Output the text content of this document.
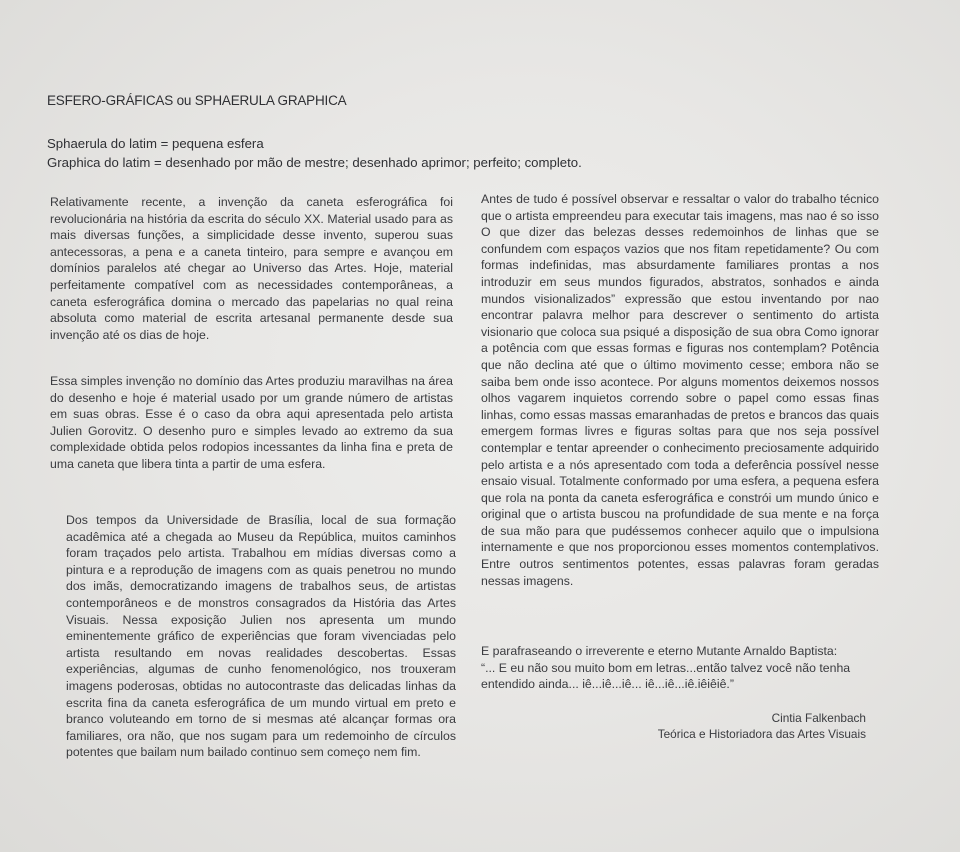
ESFERO-GRÁFICAS ou SPHAERULA GRAPHICA
Sphaerula do latim = pequena esfera
Graphica do latim = desenhado por mão de mestre; desenhado aprimor; perfeito; completo.

Relativamente recente, a invenção da caneta esferográfica foi revolucionária na história da escrita do século XX. Material usado para as mais diversas funções, a simplicidade desse invento, superou suas antecessoras, a pena e a caneta tinteiro, para sempre e avançou em domínios paralelos até chegar ao Universo das Artes. Hoje, material perfeitamente compatível com as necessidades contemporâneas, a caneta esferográfica domina o mercado das papelarias no qual reina absoluta como material de escrita artesanal permanente desde sua invenção até os dias de hoje.

Essa simples invenção no domínio das Artes produziu maravilhas na área do desenho e hoje é material usado por um grande número de artistas em suas obras. Esse é o caso da obra aqui apresentada pelo artista Julien Gorovitz. O desenho puro e simples levado ao extremo da sua complexidade obtida pelos rodopios incessantes da linha fina e preta de uma caneta que libera tinta a partir de uma esfera.

Dos tempos da Universidade de Brasília, local de sua formação acadêmica até a chegada ao Museu da República, muitos caminhos foram traçados pelo artista. Trabalhou em mídias diversas como a pintura e a reprodução de imagens com as quais penetrou no mundo dos imãs, democratizando imagens de trabalhos seus, de artistas contemporâneos e de monstros consagrados da História das Artes Visuais. Nessa exposição Julien nos apresenta um mundo eminentemente gráfico de experiências que foram vivenciadas pelo artista resultando em novas realidades descobertas. Essas experiências, algumas de cunho fenomenológico, nos trouxeram imagens poderosas, obtidas no autocontraste das delicadas linhas da escrita fina da caneta esferográfica de um mundo virtual em preto e branco voluteando em torno de si mesmas até alcançar formas ora familiares, ora não, que nos sugam para um redemoinho de círculos potentes que bailam num bailado continuo sem começo nem fim.

Antes de tudo é possível observar e ressaltar o valor do trabalho técnico que o artista empreendeu para executar tais imagens, mas nao é so isso O que dizer das belezas desses redemoinhos de linhas que se confundem com espaços vazios que nos fitam repetidamente? Ou com formas indefinidas, mas absurdamente familiares prontas a nos introduzir em seus mundos figurados, abstratos, sonhados e ainda mundos visionalizados” expressão que estou inventando por nao encontrar palavra melhor para descrever o sentimento do artista visionario que coloca sua psiqué a disposição de sua obra Como ignorar a potência com que essas formas e figuras nos contemplam? Potência que não declina até que o último movimento cesse; embora não se saiba bem onde isso acontece. Por alguns momentos deixemos nossos olhos vagarem inquietos correndo sobre o papel como essas finas linhas, como essas massas emaranhadas de pretos e brancos das quais emergem formas livres e figuras soltas para que nos seja possível contemplar e tentar apreender o conhecimento preciosamente adquirido pelo artista e a nós apresentado com toda a deferência possível nesse ensaio visual. Totalmente conformado por uma esfera, a pequena esfera que rola na ponta da caneta esferográfica e constrói um mundo único e original que o artista buscou na profundidade de sua mente e na força de sua mão para que pudéssemos conhecer aquilo que o impulsiona internamente e que nos proporcionou esses momentos contemplativos. Entre outros sentimentos potentes, essas palavras foram geradas nessas imagens.

E parafraseando o irreverente e eterno Mutante Arnaldo Baptista:

“... E eu não sou muito bom em letras...então talvez você não tenha

entendido ainda... iê...iê...iê... iê...iê...iê.iêiêiê.”

Cintia Falkenbach
Teórica e Historiadora das Artes Visuais
